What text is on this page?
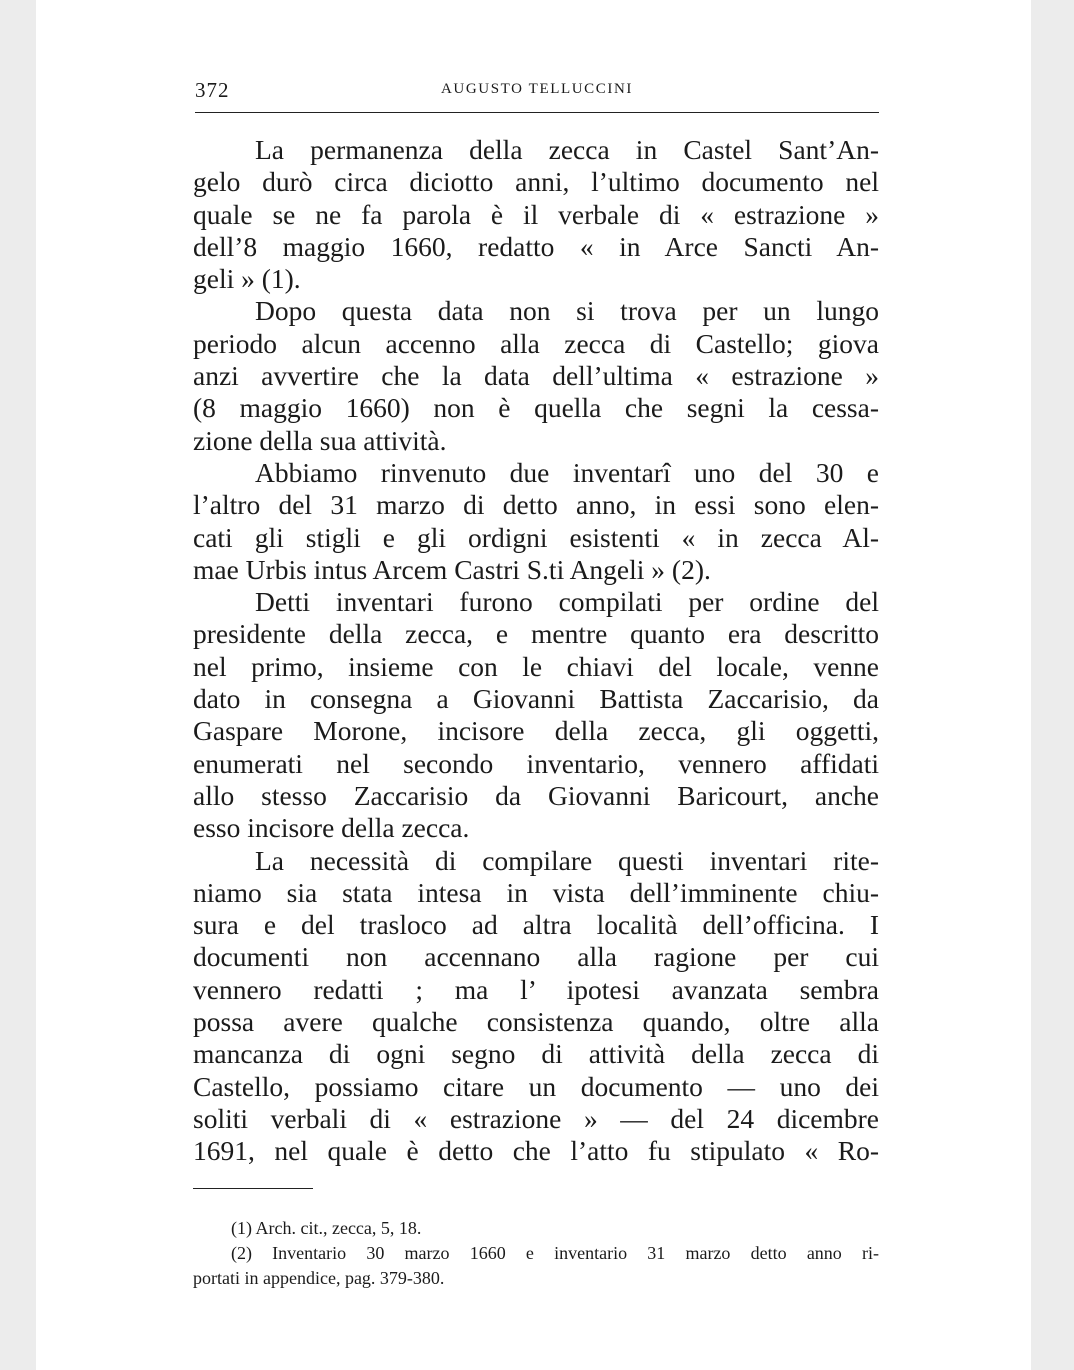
372	AUGUSTO TELLUCCINI
La permanenza della zecca in Castel Sant’An-
gelo durò circa diciotto anni, l’ultimo documento nel
quale se ne fa parola è il verbale di « estrazione »
dell’8 maggio 1660, redatto « in Arce Sancti An-
geli » (1).
Dopo questa data non si trova per un lungo
periodo alcun accenno alla zecca di Castello; giova
anzi avvertire che la data dell’ultima « estrazione »
(8 maggio 1660) non è quella che segni la cessa-
zione della sua attività.
Abbiamo rinvenuto due inventarî uno del 30 e
l’altro del 31 marzo di detto anno, in essi sono elen-
cati gli stigli e gli ordigni esistenti « in zecca Al-
mae Urbis intus Arcem Castri S.ti Angeli » (2).
Detti inventari furono compilati per ordine del
presidente della zecca, e mentre quanto era descritto
nel primo, insieme con le chiavi del locale, venne
dato in consegna a Giovanni Battista Zaccarisio, da
Gaspare Morone, incisore della zecca, gli oggetti,
enumerati nel secondo inventario, vennero affidati
allo stesso Zaccarisio da Giovanni Baricourt, anche
esso incisore della zecca.
La necessità di compilare questi inventari rite-
niamo sia stata intesa in vista dell’imminente chiu-
sura e del trasloco ad altra località dell’officina. I
documenti non accennano alla ragione per cui
vennero redatti ; ma l’ ipotesi avanzata sembra
possa avere qualche consistenza quando, oltre alla
mancanza di ogni segno di attività della zecca di
Castello, possiamo citare un documento — uno dei
soliti verbali di « estrazione » — del 24 dicembre
1691, nel quale è detto che l’atto fu stipulato « Ro-
(1) Arch. cit., zecca, 5, 18.
(2) Inventario 30 marzo 1660 e inventario 31 marzo detto anno ri-
portati in appendice, pag. 379-380.
